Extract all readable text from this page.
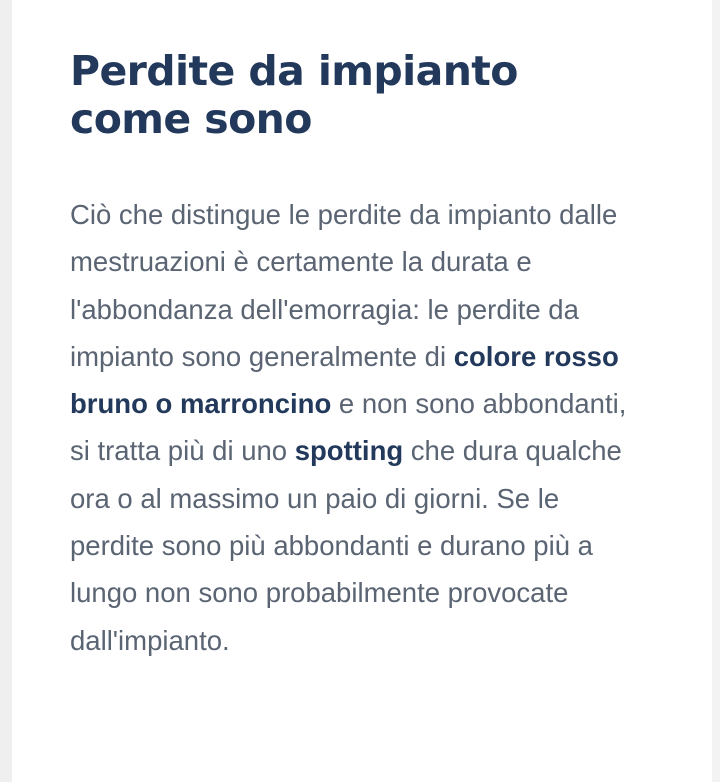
Perdite da impianto come sono

Ciò che distingue le perdite da impianto dalle mestruazioni è certamente la durata e l'abbondanza dell'emorragia: le perdite da impianto sono generalmente di colore rosso bruno o marroncino e non sono abbondanti, si tratta più di uno spotting che dura qualche ora o al massimo un paio di giorni. Se le perdite sono più abbondanti e durano più a lungo non sono probabilmente provocate dall'impianto.
